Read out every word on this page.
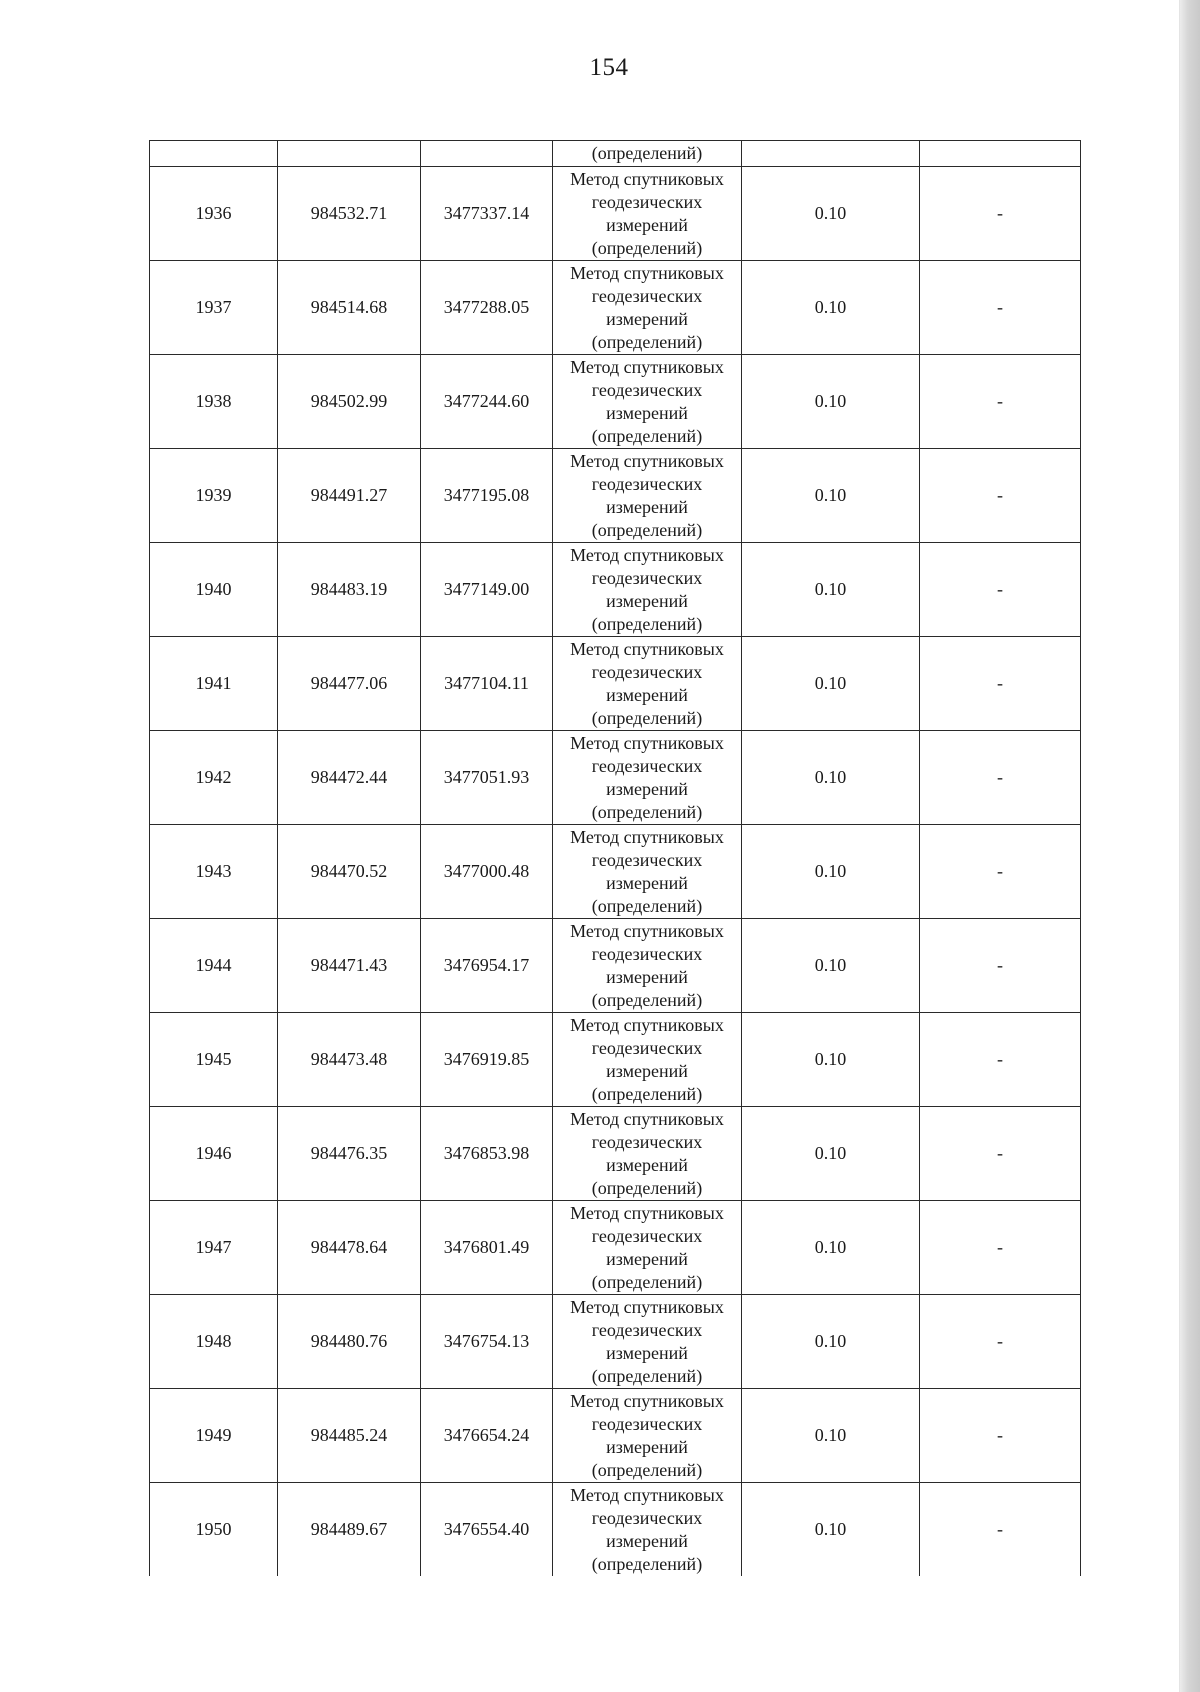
154
			(определений)		
1936	984532.71	3477337.14	Метод спутниковых геодезических измерений (определений)	0.10	-
1937	984514.68	3477288.05	Метод спутниковых геодезических измерений (определений)	0.10	-
1938	984502.99	3477244.60	Метод спутниковых геодезических измерений (определений)	0.10	-
1939	984491.27	3477195.08	Метод спутниковых геодезических измерений (определений)	0.10	-
1940	984483.19	3477149.00	Метод спутниковых геодезических измерений (определений)	0.10	-
1941	984477.06	3477104.11	Метод спутниковых геодезических измерений (определений)	0.10	-
1942	984472.44	3477051.93	Метод спутниковых геодезических измерений (определений)	0.10	-
1943	984470.52	3477000.48	Метод спутниковых геодезических измерений (определений)	0.10	-
1944	984471.43	3476954.17	Метод спутниковых геодезических измерений (определений)	0.10	-
1945	984473.48	3476919.85	Метод спутниковых геодезических измерений (определений)	0.10	-
1946	984476.35	3476853.98	Метод спутниковых геодезических измерений (определений)	0.10	-
1947	984478.64	3476801.49	Метод спутниковых геодезических измерений (определений)	0.10	-
1948	984480.76	3476754.13	Метод спутниковых геодезических измерений (определений)	0.10	-
1949	984485.24	3476654.24	Метод спутниковых геодезических измерений (определений)	0.10	-
1950	984489.67	3476554.40	Метод спутниковых геодезических измерений (определений)	0.10	-
